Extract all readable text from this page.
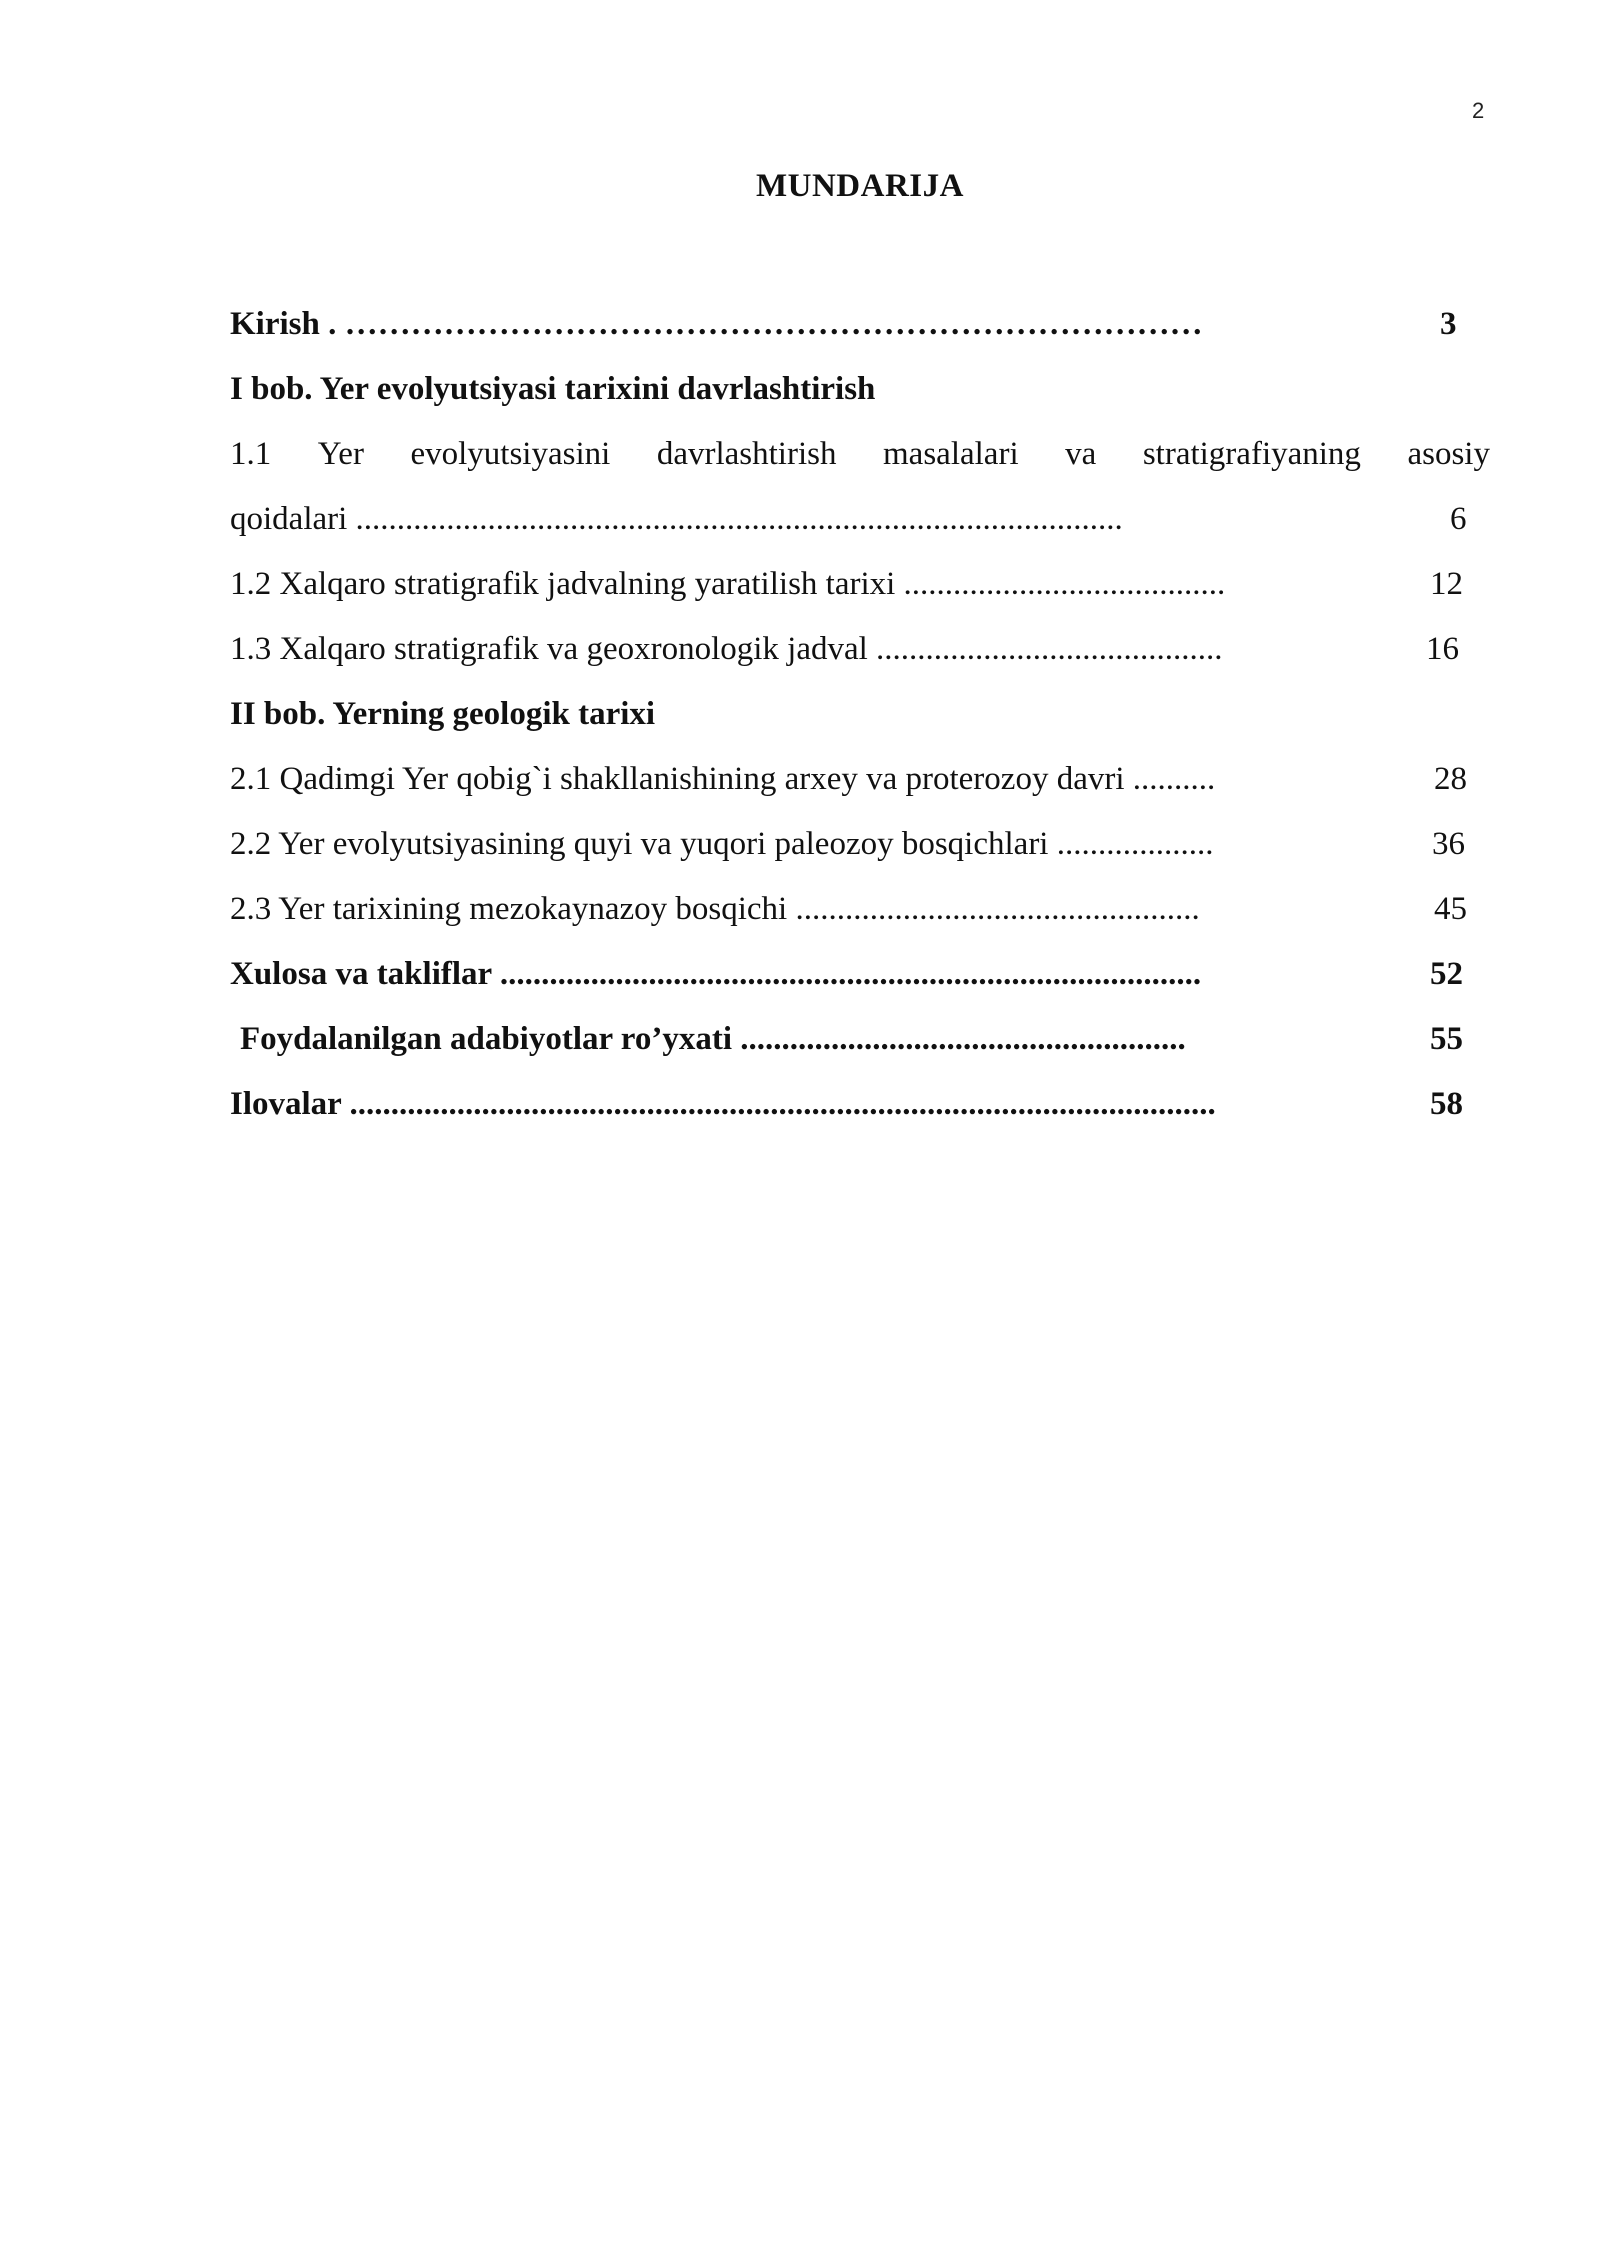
2
MUNDARIJA
Kirish . ……………………………………………………………………	3
I bob. Yer evolyutsiyasi tarixini davrlashtirish
1.1 Yer evolyutsiyasini davrlashtirish masalalari va stratigrafiyaning asosiy
qoidalari .............................................................................................	6
1.2 Xalqaro stratigrafik jadvalning yaratilish tarixi .......................................	12
1.3 Xalqaro stratigrafik va geoxronologik jadval ..........................................	16
II bob. Yerning geologik tarixi
2.1 Qadimgi Yer qobig`i shakllanishining arxey va proterozoy davri ..........	28
2.2 Yer evolyutsiyasining quyi va yuqori paleozoy bosqichlari ...................	36
2.3 Yer tarixining mezokaynazoy bosqichi .................................................	45
Xulosa va takliflar .....................................................................................	52
Foydalanilgan adabiyotlar ro’yxati ......................................................	55
Ilovalar .........................................................................................................	58
